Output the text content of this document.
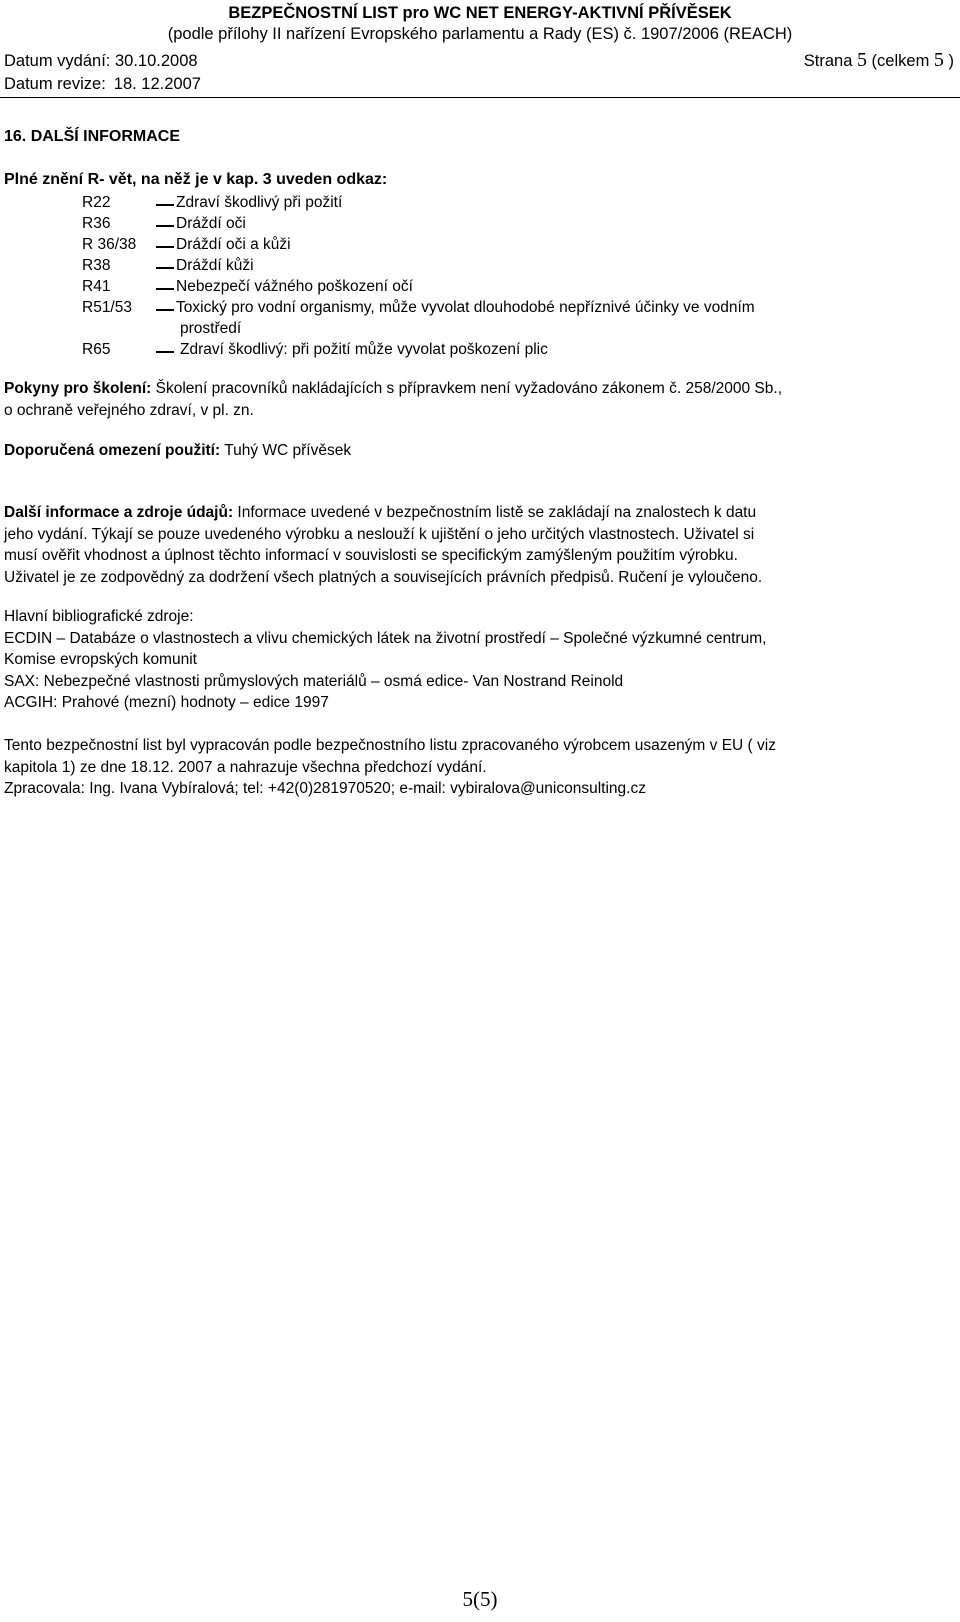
BEZPEČNOSTNÍ LIST pro WC NET ENERGY-AKTIVNÍ PŘÍVĚSEK
(podle přílohy II nařízení Evropského parlamentu a Rady (ES) č. 1907/2006 (REACH)
Datum vydání: 30.10.2008	Strana 5 (celkem 5 )
Datum revize: 18. 12.2007
16. DALŠÍ INFORMACE
Plné znění R- vět, na něž je v kap. 3 uveden odkaz:
R22	Zdraví škodlivý při požití
R36	Dráždí oči
R 36/38	Dráždí oči a kůži
R38	Dráždí kůži
R41	Nebezpečí vážného poškození očí
R51/53	Toxický pro vodní organismy, může vyvolat dlouhodobé nepříznivé účinky ve vodním
prostředí
R65	Zdraví škodlivý: při požití může vyvolat poškození plic
Pokyny pro školení: Školení pracovníků nakládajících s přípravkem není vyžadováno zákonem č. 258/2000 Sb.,
o ochraně veřejného zdraví, v pl. zn.
Doporučená omezení použití: Tuhý WC přívěsek
Další informace a zdroje údajů: Informace uvedené v bezpečnostním listě se zakládají na znalostech k datu
jeho vydání. Týkají se pouze uvedeného výrobku a neslouží k ujištění o jeho určitých vlastnostech. Uživatel si
musí ověřit vhodnost a úplnost těchto informací v souvislosti se specifickým zamýšleným použitím výrobku.
Uživatel je ze zodpovědný za dodržení všech platných a souvisejících právních předpisů. Ručení je vyloučeno.
Hlavní bibliografické zdroje:
ECDIN – Databáze o vlastnostech a vlivu chemických látek na životní prostředí – Společné výzkumné centrum,
Komise evropských komunit
SAX: Nebezpečné vlastnosti průmyslových materiálů – osmá edice- Van Nostrand Reinold
ACGIH: Prahové (mezní) hodnoty – edice 1997
Tento bezpečnostní list byl vypracován podle bezpečnostního listu zpracovaného výrobcem usazeným v EU ( viz
kapitola 1) ze dne 18.12. 2007 a nahrazuje všechna předchozí vydání.
Zpracovala: Ing. Ivana Vybíralová; tel: +42(0)281970520; e-mail: vybiralova@uniconsulting.cz
5(5)
